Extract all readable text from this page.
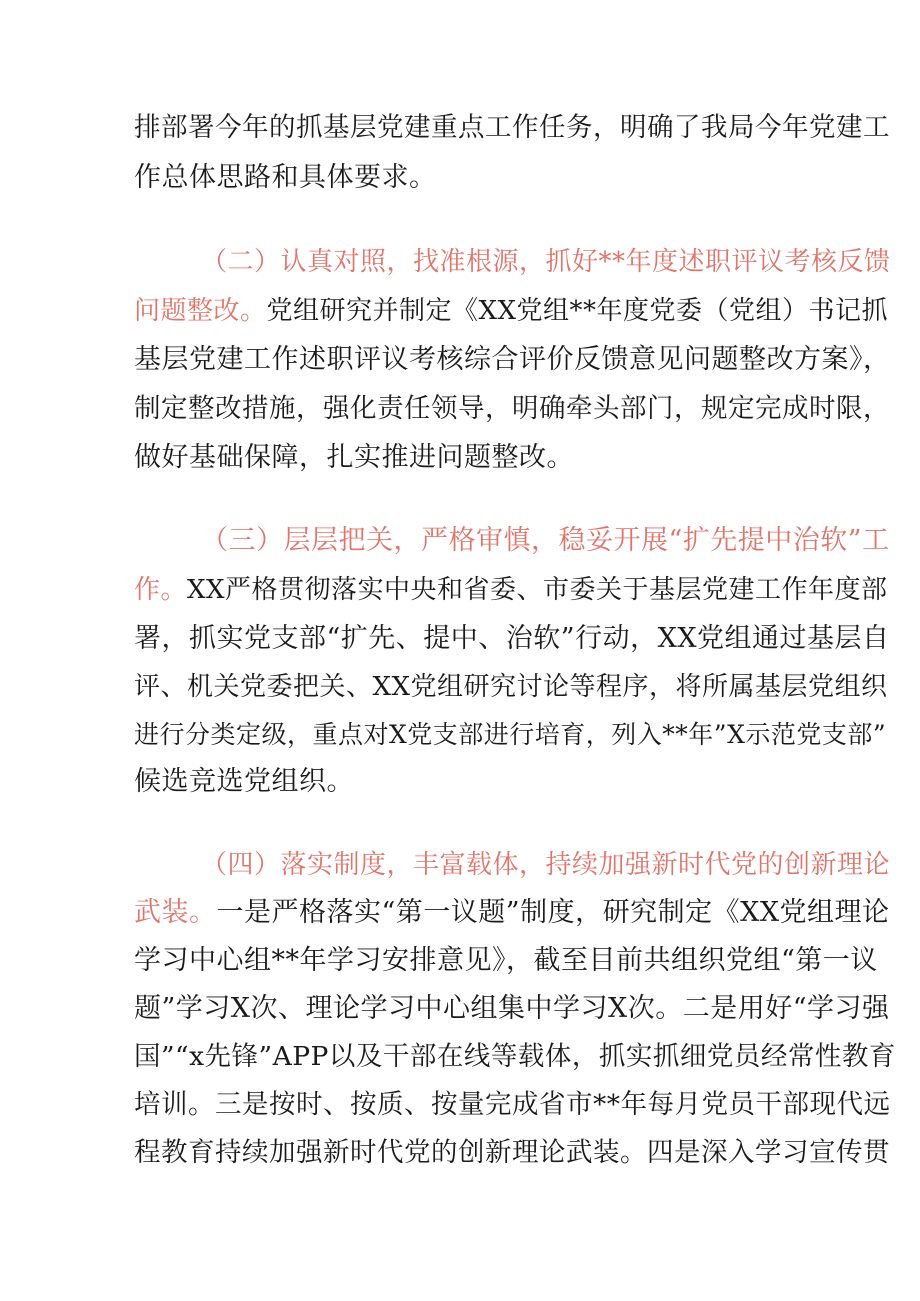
排部署今年的抓基层党建重点工作任务，明确了我局今年党建工
作总体思路和具体要求。
（二）认真对照，找准根源，抓好**年度述职评议考核反馈
问题整改。党组研究并制定《XX党组**年度党委（党组）书记抓
基层党建工作述职评议考核综合评价反馈意见问题整改方案》，
制定整改措施，强化责任领导，明确牵头部门，规定完成时限，
做好基础保障，扎实推进问题整改。
（三）层层把关，严格审慎，稳妥开展“扩先提中治软”工
作。XX严格贯彻落实中央和省委、市委关于基层党建工作年度部
署，抓实党支部“扩先、提中、治软”行动，XX党组通过基层自
评、机关党委把关、XX党组研究讨论等程序，将所属基层党组织
进行分类定级，重点对X党支部进行培育，列入**年”X示范党支部”
候选竞选党组织。
（四）落实制度，丰富载体，持续加强新时代党的创新理论
武装。一是严格落实“第一议题”制度，研究制定《XX党组理论
学习中心组**年学习安排意见》，截至目前共组织党组“第一议
题”学习X次、理论学习中心组集中学习X次。二是用好“学习强
国”“x先锋”APP以及干部在线等载体，抓实抓细党员经常性教育
培训。三是按时、按质、按量完成省市**年每月党员干部现代远
程教育持续加强新时代党的创新理论武装。四是深入学习宣传贯
